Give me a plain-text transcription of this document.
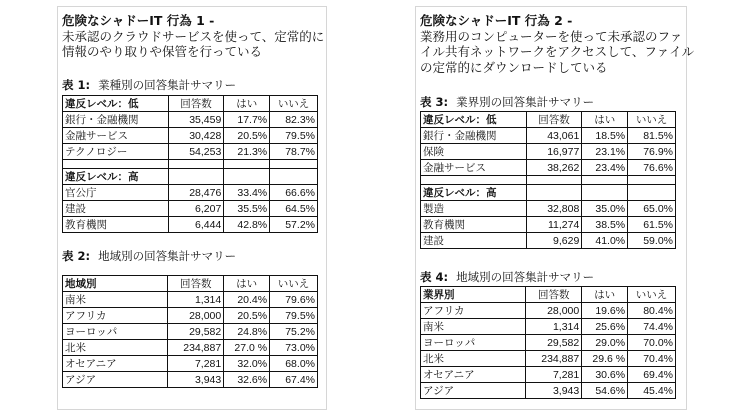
危険なシャドーIT 行為 1 -
未承認のクラウドサービスを使って、定常的に
情報のやり取りや保管を行っている
表 1: 業種別の回答集計サマリー
違反レベル：低	回答数	はい	いいえ
銀行・金融機関	35,459	17.7%	82.3%
金融サービス	30,428	20.5%	79.5%
テクノロジー	54,253	21.3%	78.7%

違反レベル：高			
官公庁	28,476	33.4%	66.6%
建設	6,207	35.5%	64.5%
教育機関	6,444	42.8%	57.2%
表 2: 地域別の回答集計サマリー
地域別	回答数	はい	いいえ
南米	1,314	20.4%	79.6%
アフリカ	28,000	20.5%	79.5%
ヨーロッパ	29,582	24.8%	75.2%
北米	234,887	27.0 %	73.0%
オセアニア	7,281	32.0%	68.0%
アジア	3,943	32.6%	67.4%
危険なシャドーIT 行為 2 -
業務用のコンピューターを使って未承認のファ
イル共有ネットワークをアクセスして、ファイル
の定常的にダウンロードしている
表 3: 業界別の回答集計サマリー
違反レベル：低	回答数	はい	いいえ
銀行・金融機関	43,061	18.5%	81.5%
保険	16,977	23.1%	76.9%
金融サービス	38,262	23.4%	76.6%

違反レベル：高			
製造	32,808	35.0%	65.0%
教育機関	11,274	38.5%	61.5%
建設	9,629	41.0%	59.0%
表 4: 地域別の回答集計サマリー
業界別	回答数	はい	いいえ
アフリカ	28,000	19.6%	80.4%
南米	1,314	25.6%	74.4%
ヨーロッパ	29,582	29.0%	70.0%
北米	234,887	29.6 %	70.4%
オセアニア	7,281	30.6%	69.4%
アジア	3,943	54.6%	45.4%
